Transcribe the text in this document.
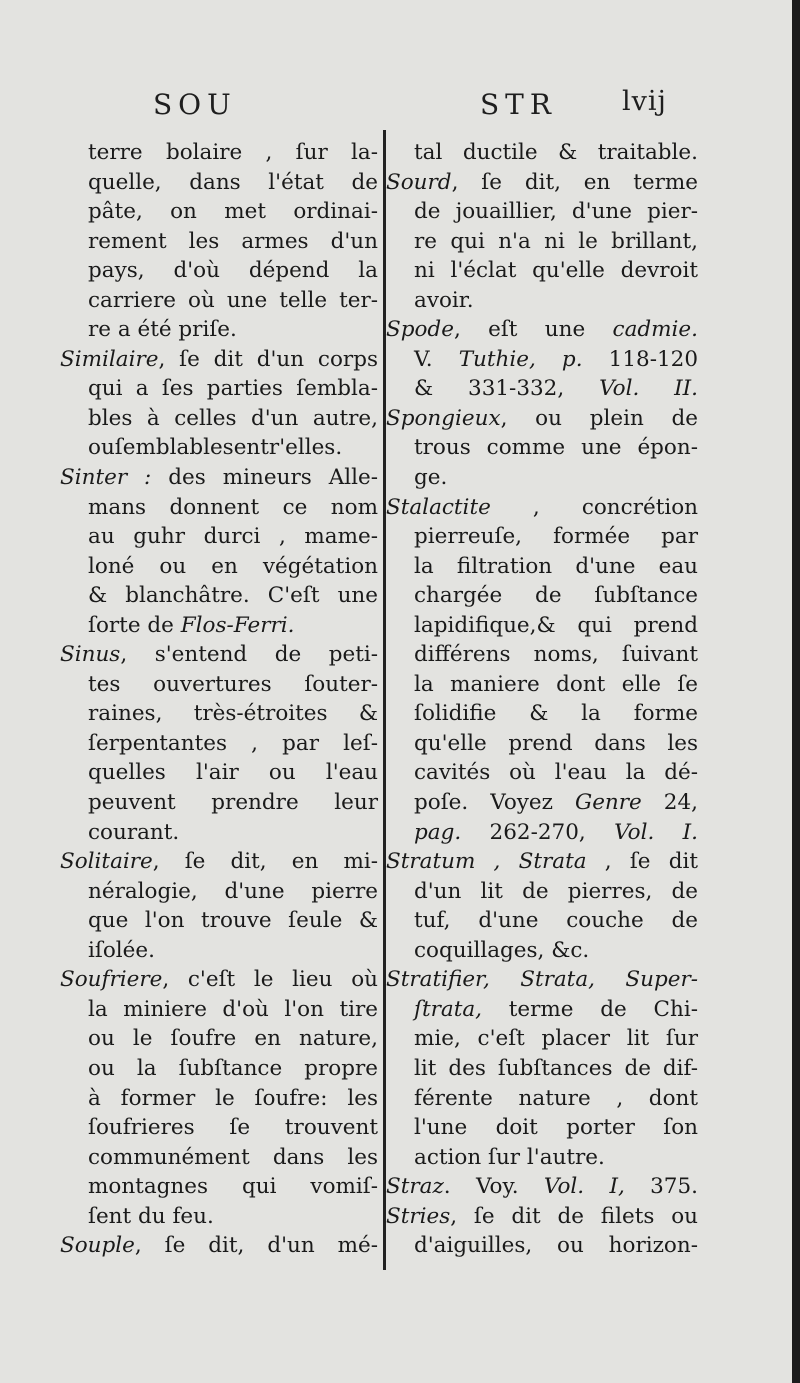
SOU	STR lvij
terre bolaire , ſur la-
quelle, dans l'état de
pâte, on met ordinai-
rement les armes d'un
pays, d'où dépend la
carriere où une telle ter-
re a été priſe.
Similaire, ſe dit d'un corps
qui a ſes parties ſembla-
bles à celles d'un autre,
ouſemblablesentr'elles.
Sinter : des mineurs Alle-
mans donnent ce nom
au guhr durci , mame-
loné ou en végétation
& blanchâtre. C'eſt une
ſorte de Flos-Ferri.
Sinus, s'entend de peti-
tes ouvertures ſouter-
raines, très-étroites &
ſerpentantes , par leſ-
quelles l'air ou l'eau
peuvent prendre leur
courant.
Solitaire, ſe dit, en mi-
néralogie, d'une pierre
que l'on trouve ſeule &
iſolée.
Soufriere, c'eſt le lieu où
la miniere d'où l'on tire
ou le ſoufre en nature,
ou la ſubſtance propre
à former le ſoufre: les
ſoufrieres ſe trouvent
communément dans les
montagnes qui vomiſ-
ſent du feu.
Souple, ſe dit, d'un mé-
tal ductile & traitable.
Sourd, ſe dit, en terme
de jouaillier, d'une pier-
re qui n'a ni le brillant,
ni l'éclat qu'elle devroit
avoir.
Spode, eſt une cadmie.
V. Tuthie, p. 118-120
& 331-332, Vol. II.
Spongieux, ou plein de
trous comme une épon-
ge.
Stalactite , concrétion
pierreuſe, formée par
la filtration d'une eau
chargée de ſubſtance
lapidifique,& qui prend
différens noms, ſuivant
la maniere dont elle ſe
ſolidifie & la forme
qu'elle prend dans les
cavités où l'eau la dé-
poſe. Voyez Genre 24,
pag. 262-270, Vol. I.
Stratum , Strata , ſe dit
d'un lit de pierres, de
tuf, d'une couche de
coquillages, &c.
Stratifier, Strata, Super-
ſtrata, terme de Chi-
mie, c'eſt placer lit ſur
lit des ſubſtances de dif-
férente nature , dont
l'une doit porter ſon
action ſur l'autre.
Straz. Voy. Vol. I, 375.
Stries, ſe dit de filets ou
d'aiguilles, ou horizon-
